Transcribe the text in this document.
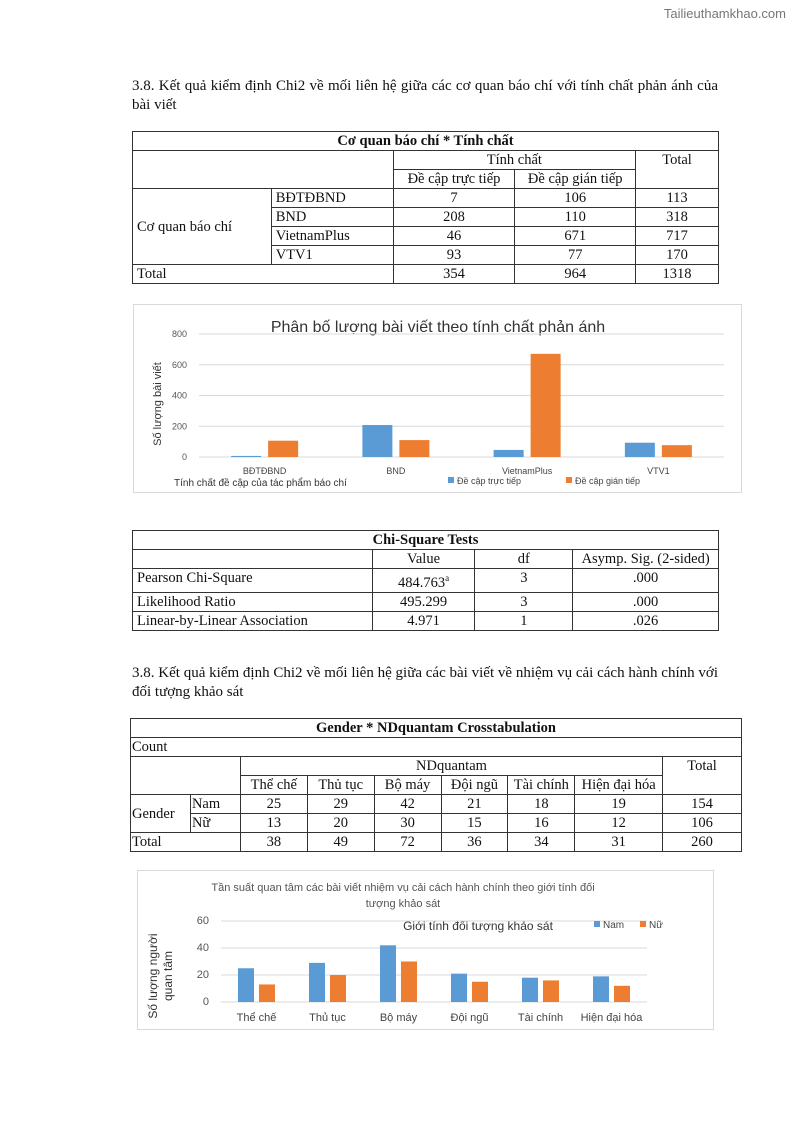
Tailieuthamkhao.com
3.8. Kết quả kiểm định Chi2 về mối liên hệ giữa các cơ quan báo chí với tính chất phản ánh của bài viết
Cơ quan báo chí * Tính chất				
		Tính chất		Total
		Đề cập trực tiếp	Đề cập gián tiếp	
Cơ quan báo chí	BĐTĐBND	7	106	113
	BND	208	110	318
	VietnamPlus	46	671	717
	VTV1	93	77	170
Total		354	964	1318
Phân bố lượng bài viết theo tính chất phản ánh
Số lượng bài viết
Tính chất đề cập của tác phẩm báo chí
0
200
400
600
800
BĐTĐBND	BND	VietnamPlus	VTV1
Đề cập trực tiếp	Đề cập gián tiếp
Chi-Square Tests			
	Value	df	Asymp. Sig. (2-sided)
Pearson Chi-Square	484.763$^a$	3	.000
Likelihood Ratio	495.299	3	.000
Linear-by-Linear Association	4.971	1	.026
3.8. Kết quả kiểm định Chi2 về mối liên hệ giữa các bài viết về nhiệm vụ cải cách hành chính với đối tượng khảo sát
Gender * NDquantam Crosstabulation								
Count								
		NDquantam						Total
		Thể chế	Thủ tục	Bộ máy	Đội ngũ	Tài chính	Hiện đại hóa	
Gender	Nam	25	29	42	21	18	19	154
	Nữ	13	20	30	15	16	12	106
Total		38	49	72	36	34	31	260
Tần suất quan tâm các bài viết nhiệm vụ cải cách hành chính theo giới tính đối tượng khảo sát
Giới tính đối tượng khảo sát
Số lượng người quan tâm
0
20
40
60
Thể chế	Thủ tục	Bộ máy	Đội ngũ	Tài chính Hiện đại hóa
Nam Nữ
